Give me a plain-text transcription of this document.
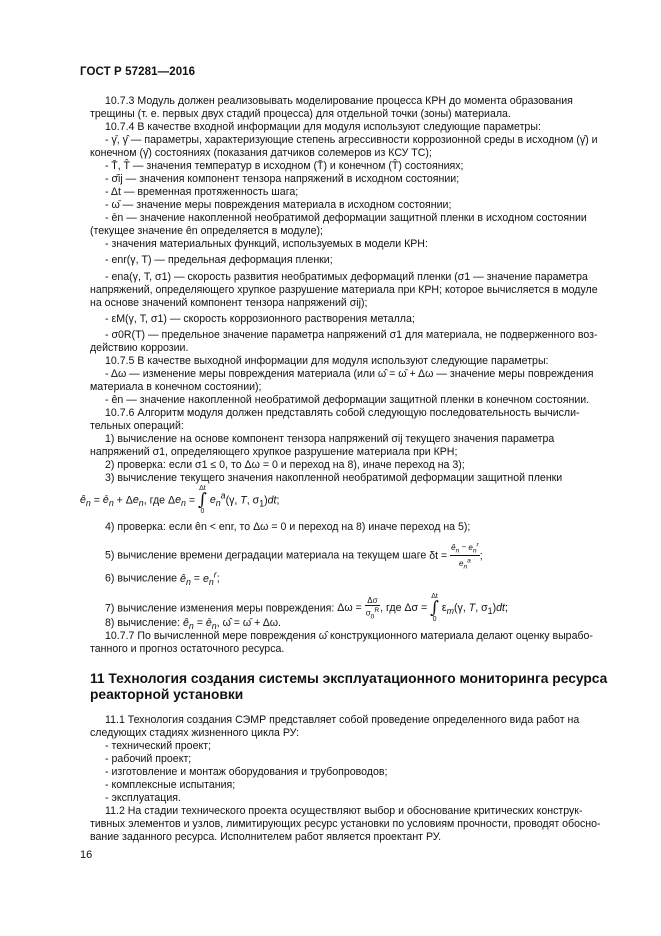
ГОСТ Р 57281—2016

10.7.3 Модуль должен реализовывать моделирование процесса КРН до момента образования

трещины (т. е. первых двух стадий процесса) для отдельной точки (зоны) материала.

10.7.4 В качестве входной информации для модуля используют следующие параметры:

- γ̄, γ̂ — параметры, характеризующие степень агрессивности коррозионной среды в исходном (γ̄) и

конечном (γ̂) состояниях (показания датчиков солемеров из КСУ ТС);

- T̄, T̂ — значения температур в исходном (T̄) и конечном (T̂) состояниях;

- σ̄ij — значения компонент тензора напряжений в исходном состоянии;

- Δt — временная протяженность шага;

- ω̄ — значение меры повреждения материала в исходном состоянии;

- ēn — значение накопленной необратимой деформации защитной пленки в исходном состоянии

(текущее значение ên определяется в модуле);

- значения материальных функций, используемых в модели КРН:

- enr(γ, T) — предельная деформация пленки;

- ena(γ, T, σ1) — скорость развития необратимых деформаций пленки (σ1 — значение параметра

напряжений, определяющего хрупкое разрушение материала при КРН; которое вычисляется в модуле

на основе значений компонент тензора напряжений σij);

- εM(γ, T, σ1) — скорость коррозионного растворения металла;

- σ0R(T) — предельное значение параметра напряжений σ1 для материала, не подверженного воз-

действию коррозии.

10.7.5 В качестве выходной информации для модуля используют следующие параметры:

- Δω — изменение меры повреждения материала (или ω̂ = ω̄ + Δω — значение меры повреждения

материала в конечном состоянии);

- ên — значение накопленной необратимой деформации защитной пленки в конечном состоянии.

10.7.6 Алгоритм модуля должен представлять собой следующую последовательность вычисли-

тельных операций:

1) вычисление на основе компонент тензора напряжений σij текущего значения параметра

напряжений σ1, определяющего хрупкое разрушение материала при КРН;

2) проверка: если σ1 ≤ 0, то Δω = 0 и переход на 8), иначе переход на 3);

3) вычисление текущего значения накопленной необратимой деформации защитной пленки

$ê_n$ = $ē_n + \Delta e_n$, где $\Delta e_n = \Delta t$
∫
0 $e_n^a(\gamma$, T, $\sigma_1)dt$;

4) проверка: если ên < enr, то Δω = 0 и переход на 8) иначе переход на 5);

5) вычисление времени деградации материала на текущем шаге $\delta t = \frac{ê_n - e_n^r}{e_n^a}$ ;
6) вычисление $ê_n = e_n^r$;
7) вычисление изменения меры повреждения: $\Delta\omega = \frac{\Delta\sigma}{\sigma_0^R}$ , где Δσ = Δt
∫
0 $\varepsilon_m(\gamma$, T, $\sigma_1)dt$;
8) вычисление: $ê_n$ = $ē_n$, ω̂ = ω̄ + Δω.

10.7.7 По вычисленной мере повреждения ω̂ конструкционного материала делают оценку вырабо-

танного и прогноз остаточного ресурса.

11 Технология создания системы эксплуатационного мониторинга ресурса реакторной установки

11.1 Технология создания СЭМР представляет собой проведение определенного вида работ на

следующих стадиях жизненного цикла РУ:

- технический проект;

- рабочий проект;

- изготовление и монтаж оборудования и трубопроводов;

- комплексные испытания;

- эксплуатация.

11.2 На стадии технического проекта осуществляют выбор и обоснование критических конструк-

тивных элементов и узлов, лимитирующих ресурс установки по условиям прочности, проводят обосно-

вание заданного ресурса. Исполнителем работ является проектант РУ.

16
